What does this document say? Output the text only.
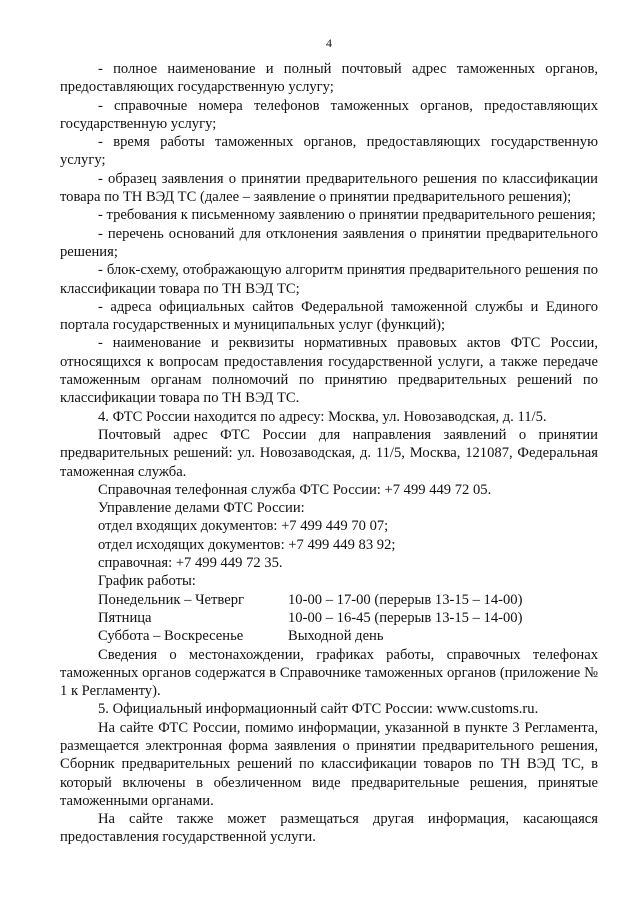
4

- полное наименование и полный почтовый адрес таможенных органов, предоставляющих государственную услугу;

- справочные номера телефонов таможенных органов, предоставляющих государственную услугу;

- время работы таможенных органов, предоставляющих государственную услугу;

- образец заявления о принятии предварительного решения по классификации товара по ТН ВЭД ТС (далее – заявление о принятии предварительного решения);

- требования к письменному заявлению о принятии предварительного решения;

- перечень оснований для отклонения заявления о принятии предварительного решения;

- блок-схему, отображающую алгоритм принятия предварительного решения по классификации товара по ТН ВЭД ТС;

- адреса официальных сайтов Федеральной таможенной службы и Единого портала государственных и муниципальных услуг (функций);

- наименование и реквизиты нормативных правовых актов ФТС России, относящихся к вопросам предоставления государственной услуги, а также передаче таможенным органам полномочий по принятию предварительных решений по классификации товара по ТН ВЭД ТС.

4. ФТС России находится по адресу: Москва, ул. Новозаводская, д. 11/5.

Почтовый адрес ФТС России для направления заявлений о принятии предварительных решений: ул. Новозаводская, д. 11/5, Москва, 121087, Федеральная таможенная служба.

Справочная телефонная служба ФТС России: +7 499 449 72 05.

Управление делами ФТС России:

отдел входящих документов: +7 499 449 70 07;

отдел исходящих документов: +7 499 449 83 92;

справочная: +7 499 449 72 35.

График работы:

Понедельник – Четверг	10-00 – 17-00 (перерыв 13-15 – 14-00)
Пятница	10-00 – 16-45 (перерыв 13-15 – 14-00)
Суббота – Воскресенье	Выходной день

Сведения о местонахождении, графиках работы, справочных телефонах таможенных органов содержатся в Справочнике таможенных органов (приложение № 1 к Регламенту).

5. Официальный информационный сайт ФТС России: www.customs.ru.

На сайте ФТС России, помимо информации, указанной в пункте 3 Регламента, размещается электронная форма заявления о принятии предварительного решения, Сборник предварительных решений по классификации товаров по ТН ВЭД ТС, в который включены в обезличенном виде предварительные решения, принятые таможенными органами.

На сайте также может размещаться другая информация, касающаяся предоставления государственной услуги.
